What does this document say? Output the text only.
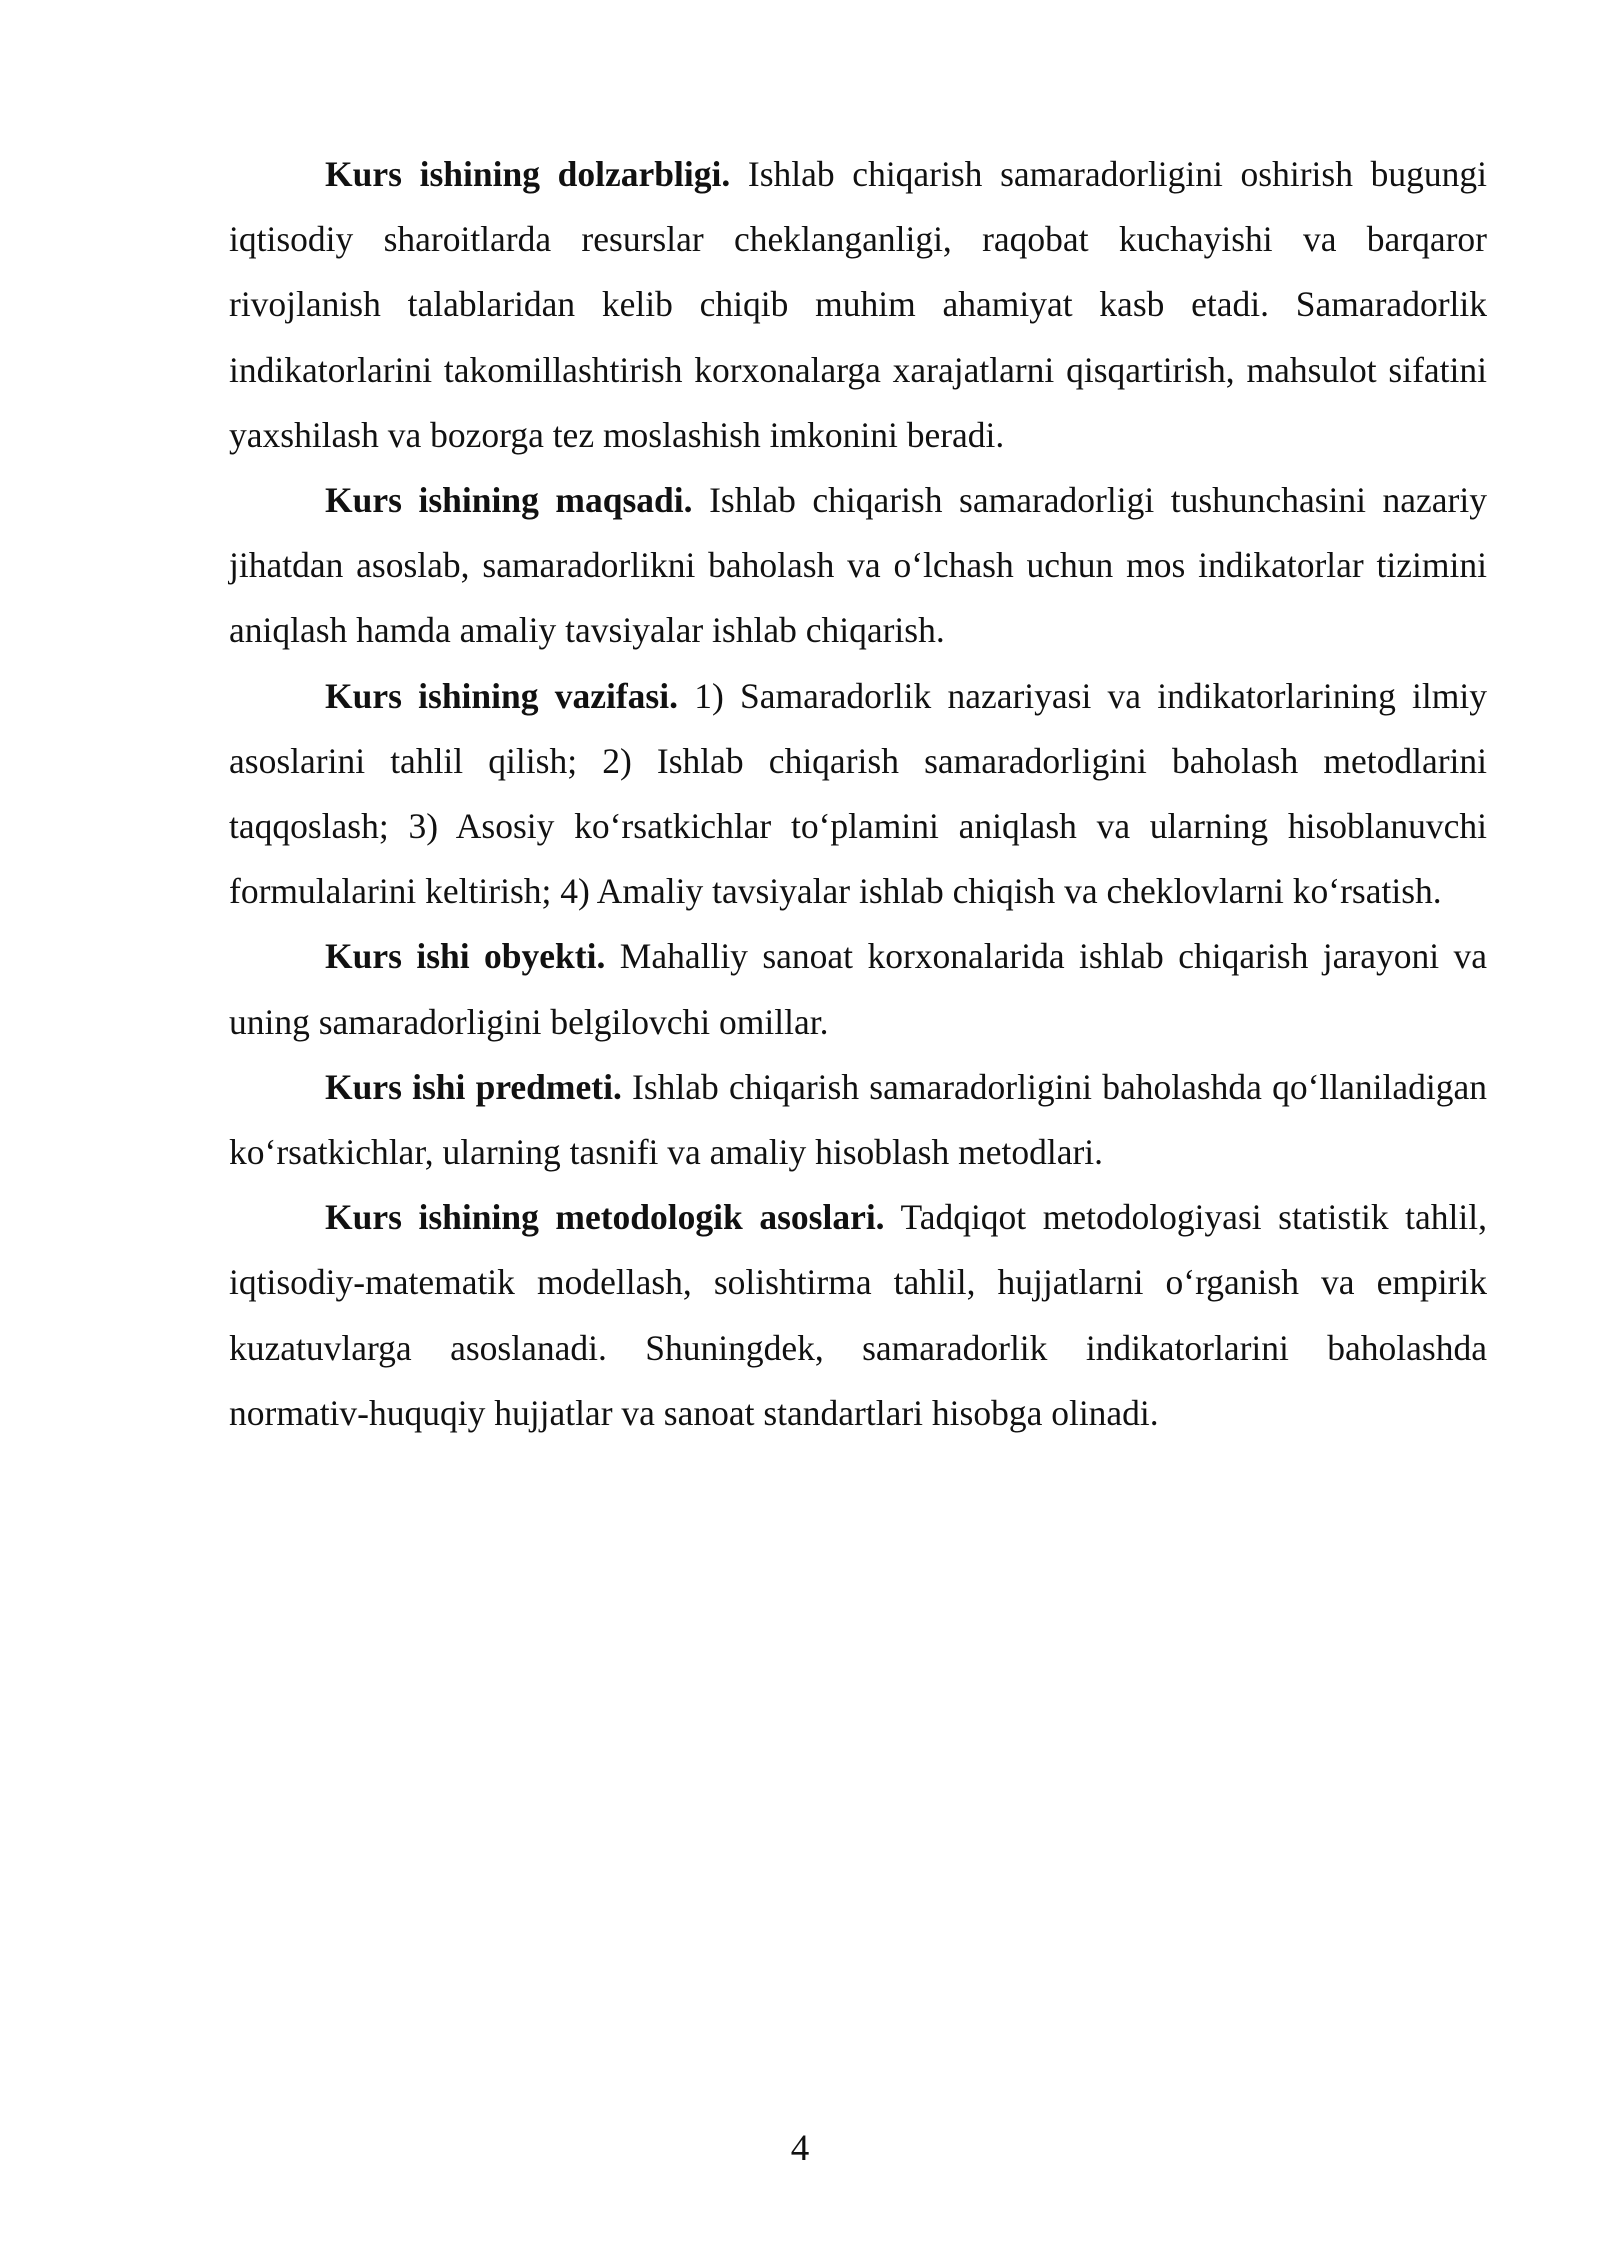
Kurs ishining dolzarbligi. Ishlab chiqarish samaradorligini oshirish bugungi iqtisodiy sharoitlarda resurslar cheklanganligi, raqobat kuchayishi va barqaror rivojlanish talablaridan kelib chiqib muhim ahamiyat kasb etadi. Samaradorlik indikatorlarini takomillashtirish korxonalarga xarajatlarni qisqartirish, mahsulot sifatini yaxshilash va bozorga tez moslashish imkonini beradi.

Kurs ishining maqsadi. Ishlab chiqarish samaradorligi tushunchasini nazariy jihatdan asoslab, samaradorlikni baholash va o‘lchash uchun mos indikatorlar tizimini aniqlash hamda amaliy tavsiyalar ishlab chiqarish.

Kurs ishining vazifasi. 1) Samaradorlik nazariyasi va indikatorlarining ilmiy asoslarini tahlil qilish; 2) Ishlab chiqarish samaradorligini baholash metodlarini taqqoslash; 3) Asosiy ko‘rsatkichlar to‘plamini aniqlash va ularning hisoblanuvchi formulalarini keltirish; 4) Amaliy tavsiyalar ishlab chiqish va cheklovlarni ko‘rsatish.

Kurs ishi obyekti. Mahalliy sanoat korxonalarida ishlab chiqarish jarayoni va uning samaradorligini belgilovchi omillar.

Kurs ishi predmeti. Ishlab chiqarish samaradorligini baholashda qo‘llaniladigan ko‘rsatkichlar, ularning tasnifi va amaliy hisoblash metodlari.

Kurs ishining metodologik asoslari. Tadqiqot metodologiyasi statistik tahlil, iqtisodiy-matematik modellash, solishtirma tahlil, hujjatlarni o‘rganish va empirik kuzatuvlarga asoslanadi. Shuningdek, samaradorlik indikatorlarini baholashda normativ-huquqiy hujjatlar va sanoat standartlari hisobga olinadi.

4
